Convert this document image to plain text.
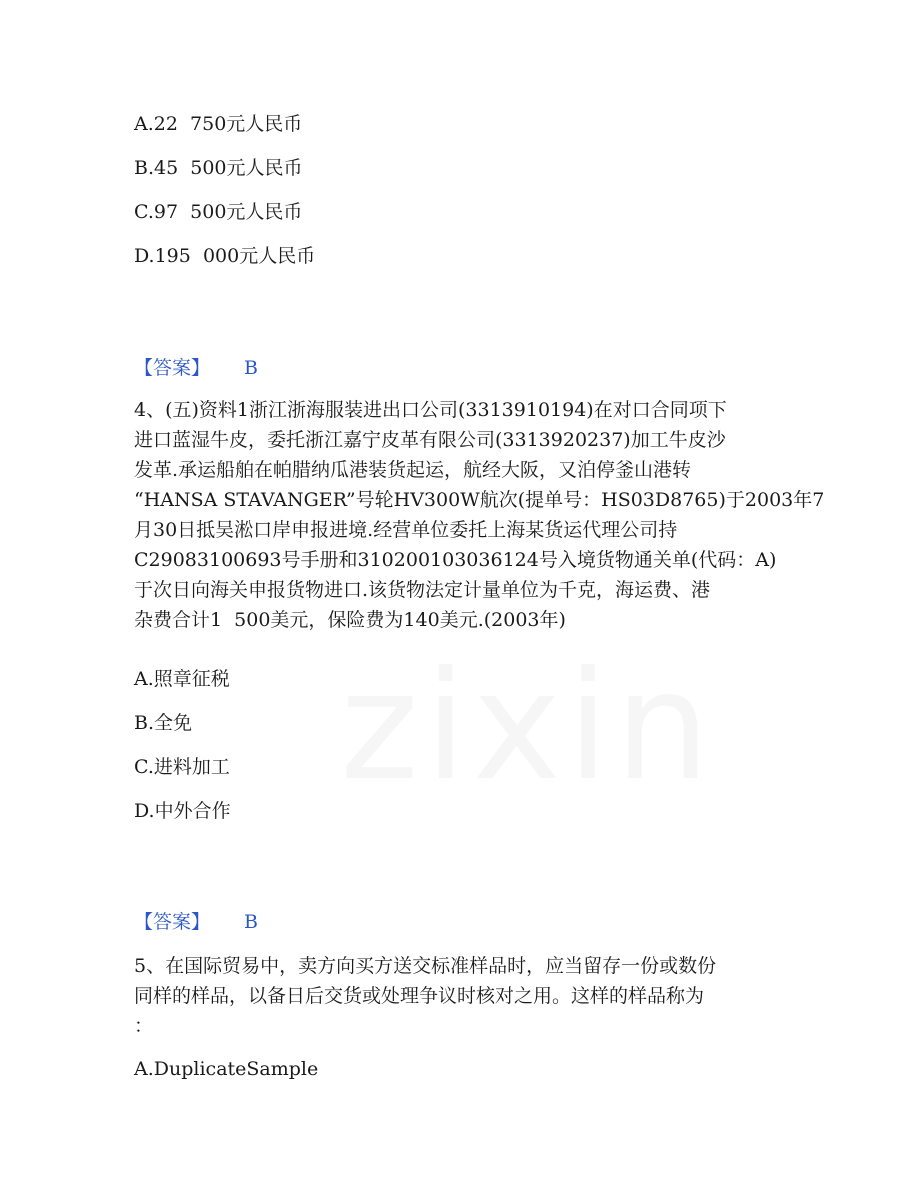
A.22  750元人民币
B.45  500元人民币
C.97  500元人民币
D.195  000元人民币
【答案】 B
4、(五)资料1浙江浙海服装进出口公司(3313910194)在对口合同项下
进口蓝湿牛皮，委托浙江嘉宁皮革有限公司(3313920237)加工牛皮沙
发革.承运船舶在帕腊纳瓜港装货起运，航经大阪，又泊停釜山港转
“HANSA STAVANGER”号轮HV300W航次(提单号：HS03D8765)于2003年7
月30日抵吴淞口岸申报进境.经营单位委托上海某货运代理公司持
C29083100693号手册和310200103036124号入境货物通关单(代码：A)
于次日向海关申报货物进口.该货物法定计量单位为千克，海运费、港
杂费合计1  500美元，保险费为140美元.(2003年)
A.照章征税
B.全免
C.进料加工
D.中外合作
【答案】 B
5、在国际贸易中，卖方向买方送交标准样品时，应当留存一份或数份
同样的样品，以备日后交货或处理争议时核对之用。这样的样品称为
：
A.DuplicateSample
